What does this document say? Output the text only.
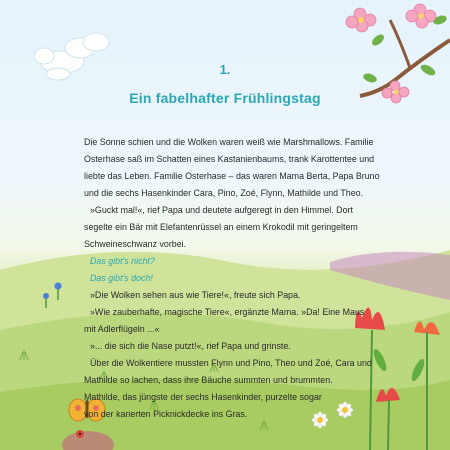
1.
Ein fabelhafter Frühlingstag

Die Sonne schien und die Wolken waren weiß wie Marshmallows. Familie

Osterhase saß im Schatten eines Kastanienbaums, trank Karottentee und

liebte das Leben. Familie Osterhase – das waren Mama Berta, Papa Bruno

und die sechs Hasenkinder Cara, Pino, Zoé, Flynn, Mathilde und Theo.

»Guckt mal!«, rief Papa und deutete aufgeregt in den Himmel. Dort

segelte ein Bär mit Elefantenrüssel an einem Krokodil mit geringeltem

Schweineschwanz vorbei.

Das gibt's nicht?

Das gibt's doch!

»Die Wolken sehen aus wie Tiere!«, freute sich Papa.

»Wie zauberhafte, magische Tiere«, ergänzte Mama. »Da! Eine Maus

mit Adlerflügeln ...«

»... die sich die Nase putzt!«, rief Papa und grinste.

Über die Wolkentiere mussten Flynn und Pino, Theo und Zoé, Cara und

Mathilde so lachen, dass ihre Bäuche summten und brummten.

Mathilde, das jüngste der sechs Hasenkinder, purzelte sogar

von der karierten Picknickdecke ins Gras.
